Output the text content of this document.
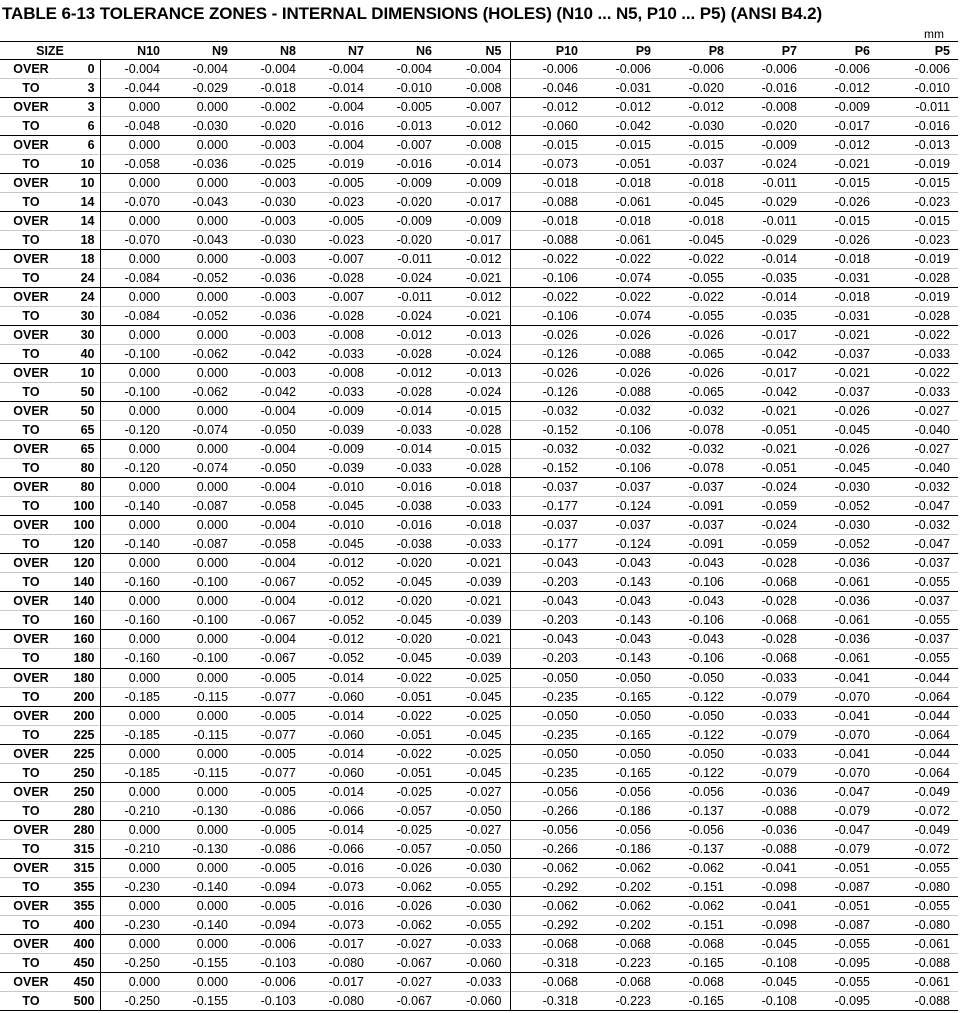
TABLE 6-13 TOLERANCE ZONES - INTERNAL DIMENSIONS (HOLES) (N10 ... N5, P10 ... P5) (ANSI B4.2)
mm
SIZE		N10	N9	N8	N7	N6	N5	P10	P9	P8	P7	P6	P5
OVER	0	-0.004	-0.004	-0.004	-0.004	-0.004	-0.004	-0.006	-0.006	-0.006	-0.006	-0.006	-0.006
TO	3	-0.044	-0.029	-0.018	-0.014	-0.010	-0.008	-0.046	-0.031	-0.020	-0.016	-0.012	-0.010
OVER	3	0.000	0.000	-0.002	-0.004	-0.005	-0.007	-0.012	-0.012	-0.012	-0.008	-0.009	-0.011
TO	6	-0.048	-0.030	-0.020	-0.016	-0.013	-0.012	-0.060	-0.042	-0.030	-0.020	-0.017	-0.016
OVER	6	0.000	0.000	-0.003	-0.004	-0.007	-0.008	-0.015	-0.015	-0.015	-0.009	-0.012	-0.013
TO	10	-0.058	-0.036	-0.025	-0.019	-0.016	-0.014	-0.073	-0.051	-0.037	-0.024	-0.021	-0.019
OVER	10	0.000	0.000	-0.003	-0.005	-0.009	-0.009	-0.018	-0.018	-0.018	-0.011	-0.015	-0.015
TO	14	-0.070	-0.043	-0.030	-0.023	-0.020	-0.017	-0.088	-0.061	-0.045	-0.029	-0.026	-0.023
OVER	14	0.000	0.000	-0.003	-0.005	-0.009	-0.009	-0.018	-0.018	-0.018	-0.011	-0.015	-0.015
TO	18	-0.070	-0.043	-0.030	-0.023	-0.020	-0.017	-0.088	-0.061	-0.045	-0.029	-0.026	-0.023
OVER	18	0.000	0.000	-0.003	-0.007	-0.011	-0.012	-0.022	-0.022	-0.022	-0.014	-0.018	-0.019
TO	24	-0.084	-0.052	-0.036	-0.028	-0.024	-0.021	-0.106	-0.074	-0.055	-0.035	-0.031	-0.028
OVER	24	0.000	0.000	-0.003	-0.007	-0.011	-0.012	-0.022	-0.022	-0.022	-0.014	-0.018	-0.019
TO	30	-0.084	-0.052	-0.036	-0.028	-0.024	-0.021	-0.106	-0.074	-0.055	-0.035	-0.031	-0.028
OVER	30	0.000	0.000	-0.003	-0.008	-0.012	-0.013	-0.026	-0.026	-0.026	-0.017	-0.021	-0.022
TO	40	-0.100	-0.062	-0.042	-0.033	-0.028	-0.024	-0.126	-0.088	-0.065	-0.042	-0.037	-0.033
OVER	10	0.000	0.000	-0.003	-0.008	-0.012	-0.013	-0.026	-0.026	-0.026	-0.017	-0.021	-0.022
TO	50	-0.100	-0.062	-0.042	-0.033	-0.028	-0.024	-0.126	-0.088	-0.065	-0.042	-0.037	-0.033
OVER	50	0.000	0.000	-0.004	-0.009	-0.014	-0.015	-0.032	-0.032	-0.032	-0.021	-0.026	-0.027
TO	65	-0.120	-0.074	-0.050	-0.039	-0.033	-0.028	-0.152	-0.106	-0.078	-0.051	-0.045	-0.040
OVER	65	0.000	0.000	-0.004	-0.009	-0.014	-0.015	-0.032	-0.032	-0.032	-0.021	-0.026	-0.027
TO	80	-0.120	-0.074	-0.050	-0.039	-0.033	-0.028	-0.152	-0.106	-0.078	-0.051	-0.045	-0.040
OVER	80	0.000	0.000	-0.004	-0.010	-0.016	-0.018	-0.037	-0.037	-0.037	-0.024	-0.030	-0.032
TO	100	-0.140	-0.087	-0.058	-0.045	-0.038	-0.033	-0.177	-0.124	-0.091	-0.059	-0.052	-0.047
OVER	100	0.000	0.000	-0.004	-0.010	-0.016	-0.018	-0.037	-0.037	-0.037	-0.024	-0.030	-0.032
TO	120	-0.140	-0.087	-0.058	-0.045	-0.038	-0.033	-0.177	-0.124	-0.091	-0.059	-0.052	-0.047
OVER	120	0.000	0.000	-0.004	-0.012	-0.020	-0.021	-0.043	-0.043	-0.043	-0.028	-0.036	-0.037
TO	140	-0.160	-0.100	-0.067	-0.052	-0.045	-0.039	-0.203	-0.143	-0.106	-0.068	-0.061	-0.055
OVER	140	0.000	0.000	-0.004	-0.012	-0.020	-0.021	-0.043	-0.043	-0.043	-0.028	-0.036	-0.037
TO	160	-0.160	-0.100	-0.067	-0.052	-0.045	-0.039	-0.203	-0.143	-0.106	-0.068	-0.061	-0.055
OVER	160	0.000	0.000	-0.004	-0.012	-0.020	-0.021	-0.043	-0.043	-0.043	-0.028	-0.036	-0.037
TO	180	-0.160	-0.100	-0.067	-0.052	-0.045	-0.039	-0.203	-0.143	-0.106	-0.068	-0.061	-0.055
OVER	180	0.000	0.000	-0.005	-0.014	-0.022	-0.025	-0.050	-0.050	-0.050	-0.033	-0.041	-0.044
TO	200	-0.185	-0.115	-0.077	-0.060	-0.051	-0.045	-0.235	-0.165	-0.122	-0.079	-0.070	-0.064
OVER	200	0.000	0.000	-0.005	-0.014	-0.022	-0.025	-0.050	-0.050	-0.050	-0.033	-0.041	-0.044
TO	225	-0.185	-0.115	-0.077	-0.060	-0.051	-0.045	-0.235	-0.165	-0.122	-0.079	-0.070	-0.064
OVER	225	0.000	0.000	-0.005	-0.014	-0.022	-0.025	-0.050	-0.050	-0.050	-0.033	-0.041	-0.044
TO	250	-0.185	-0.115	-0.077	-0.060	-0.051	-0.045	-0.235	-0.165	-0.122	-0.079	-0.070	-0.064
OVER	250	0.000	0.000	-0.005	-0.014	-0.025	-0.027	-0.056	-0.056	-0.056	-0.036	-0.047	-0.049
TO	280	-0.210	-0.130	-0.086	-0.066	-0.057	-0.050	-0.266	-0.186	-0.137	-0.088	-0.079	-0.072
OVER	280	0.000	0.000	-0.005	-0.014	-0.025	-0.027	-0.056	-0.056	-0.056	-0.036	-0.047	-0.049
TO	315	-0.210	-0.130	-0.086	-0.066	-0.057	-0.050	-0.266	-0.186	-0.137	-0.088	-0.079	-0.072
OVER	315	0.000	0.000	-0.005	-0.016	-0.026	-0.030	-0.062	-0.062	-0.062	-0.041	-0.051	-0.055
TO	355	-0.230	-0.140	-0.094	-0.073	-0.062	-0.055	-0.292	-0.202	-0.151	-0.098	-0.087	-0.080
OVER	355	0.000	0.000	-0.005	-0.016	-0.026	-0.030	-0.062	-0.062	-0.062	-0.041	-0.051	-0.055
TO	400	-0.230	-0.140	-0.094	-0.073	-0.062	-0.055	-0.292	-0.202	-0.151	-0.098	-0.087	-0.080
OVER	400	0.000	0.000	-0.006	-0.017	-0.027	-0.033	-0.068	-0.068	-0.068	-0.045	-0.055	-0.061
TO	450	-0.250	-0.155	-0.103	-0.080	-0.067	-0.060	-0.318	-0.223	-0.165	-0.108	-0.095	-0.088
OVER	450	0.000	0.000	-0.006	-0.017	-0.027	-0.033	-0.068	-0.068	-0.068	-0.045	-0.055	-0.061
TO	500	-0.250	-0.155	-0.103	-0.080	-0.067	-0.060	-0.318	-0.223	-0.165	-0.108	-0.095	-0.088
